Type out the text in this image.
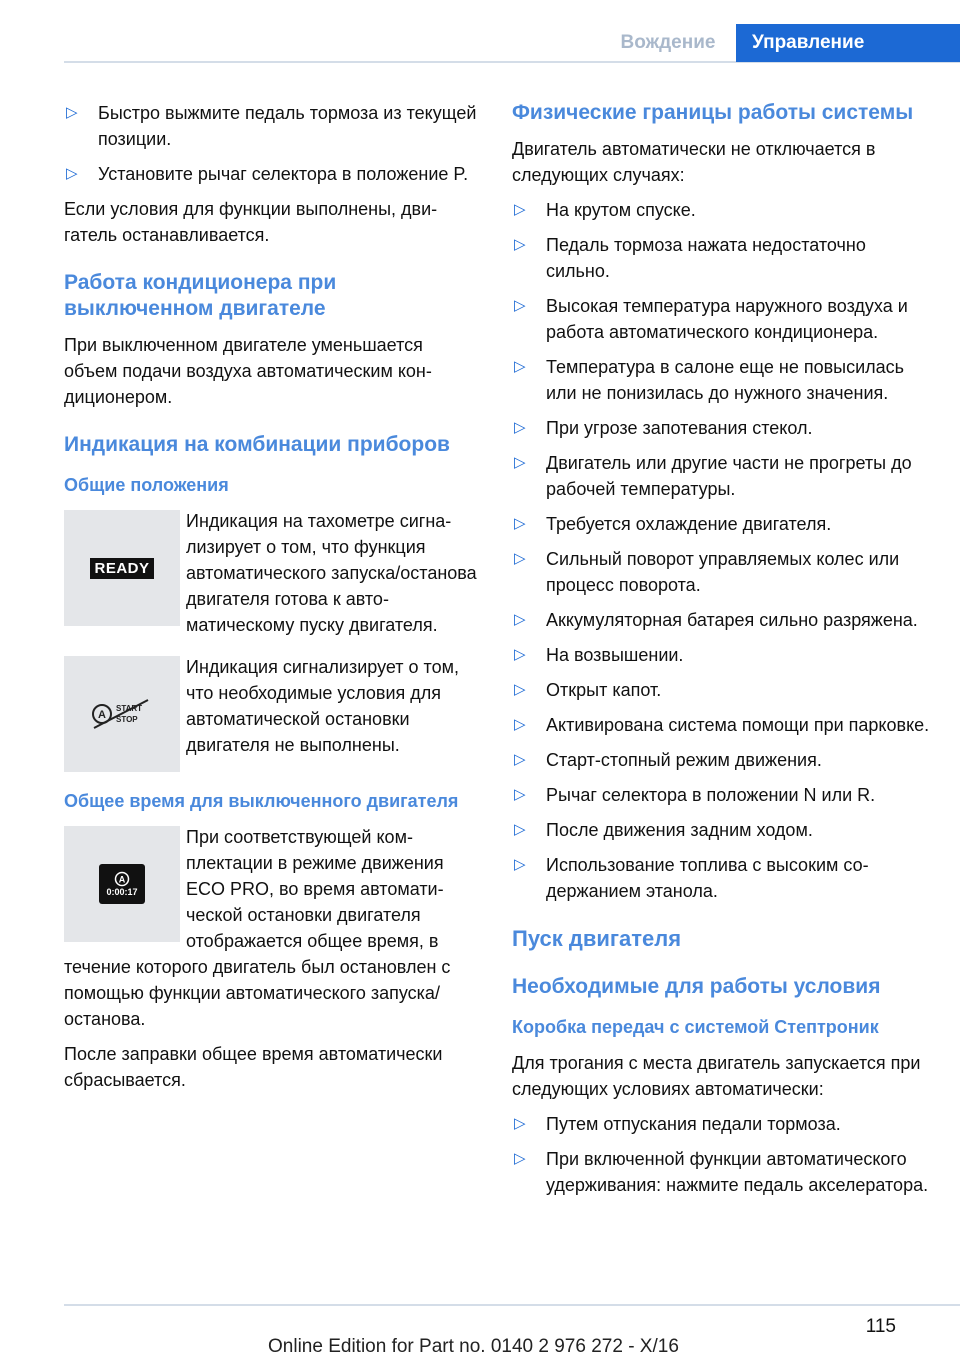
Вождение	Управление
▷ Быстро выжмите педаль тормоза из текущей позиции.
▷ Установите рычаг селектора в положение P.

Если условия для функции выполнены, двигатель останавливается.

Работа кондиционера при выключенном двигателе

При выключенном двигателе уменьшается объем подачи воздуха автоматическим кондиционером.

Индикация на комбинации приборов
Общие положения
READY

Индикация на тахометре сигнализирует о том, что функция автоматического запуска/останова двигателя готова к автоматическому пуску двигателя.

A
START
STOP

Индикация сигнализирует о том, что необходимые условия для автоматической остановки двигателя не выполнены.

Общее время для выключенного двигателя
A
0:00:17

При соответствующей комплектации в режиме движения ECO PRO, во время автоматической остановки двигателя отображается общее время, в течение которого двигатель был остановлен с помощью функции автоматического запуска/останова.

После заправки общее время автоматически сбрасывается.

Физические границы работы системы

Двигатель автоматически не отключается в следующих случаях:

▷ На крутом спуске.
▷ Педаль тормоза нажата недостаточно сильно.
▷ Высокая температура наружного воздуха и работа автоматического кондиционера.
▷ Температура в салоне еще не повысилась или не понизилась до нужного значения.
▷ При угрозе запотевания стекол.
▷ Двигатель или другие части не прогреты до рабочей температуры.
▷ Требуется охлаждение двигателя.
▷ Сильный поворот управляемых колес или процесс поворота.
▷ Аккумуляторная батарея сильно разряжена.
▷ На возвышении.
▷ Открыт капот.
▷ Активирована система помощи при парковке.
▷ Старт-стопный режим движения.
▷ Рычаг селектора в положении N или R.
▷ После движения задним ходом.
▷ Использование топлива с высоким содержанием этанола.
Пуск двигателя
Необходимые для работы условия
Коробка передач с системой Стептроник

Для трогания с места двигатель запускается при следующих условиях автоматически:

▷ Путем отпускания педали тормоза.
▷ При включенной функции автоматического удерживания: нажмите педаль акселератора.
115
Online Edition for Part no. 0140 2 976 272 - X/16
